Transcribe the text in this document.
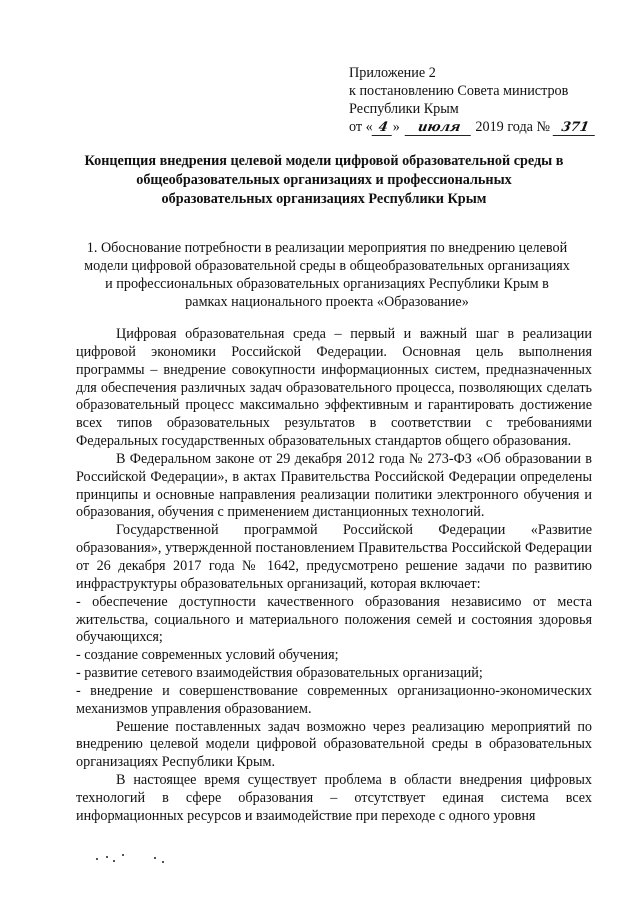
Приложение 2
к постановлению Совета министров
Республики Крым
от « 4 » июля 2019 года № 371
Концепция внедрения целевой модели цифровой образовательной среды в
общеобразовательных организациях и профессиональных
образовательных организациях Республики Крым
1. Обоснование потребности в реализации мероприятия по внедрению целевой
модели цифровой образовательной среды в общеобразовательных организациях
и профессиональных образовательных организациях Республики Крым в
рамках национального проекта «Образование»

Цифровая образовательная среда – первый и важный шаг в реализации цифровой экономики Российской Федерации. Основная цель выполнения программы – внедрение совокупности информационных систем, предназначенных для обеспечения различных задач образовательного процесса, позволяющих сделать образовательный процесс максимально эффективным и гарантировать достижение всех типов образовательных результатов в соответствии с требованиями Федеральных государственных образовательных стандартов общего образования.

В Федеральном законе от 29 декабря 2012 года № 273-ФЗ «Об образовании в Российской Федерации», в актах Правительства Российской Федерации определены принципы и основные направления реализации политики электронного обучения и образования, обучения с применением дистанционных технологий.

Государственной программой Российской Федерации «Развитие образования», утвержденной постановлением Правительства Российской Федерации от 26 декабря 2017 года № 1642, предусмотрено решение задачи по развитию инфраструктуры образовательных организаций, которая включает:

- обеспечение доступности качественного образования независимо от места жительства, социального и материального положения семей и состояния здоровья обучающихся;

- создание современных условий обучения;

- развитие сетевого взаимодействия образовательных организаций;

- внедрение и совершенствование современных организационно-экономических механизмов управления образованием.

Решение поставленных задач возможно через реализацию мероприятий по внедрению целевой модели цифровой образовательной среды в образовательных организациях Республики Крым.

В настоящее время существует проблема в области внедрения цифровых технологий в сфере образования – отсутствует единая система всех информационных ресурсов и взаимодействие при переходе с одного уровня
